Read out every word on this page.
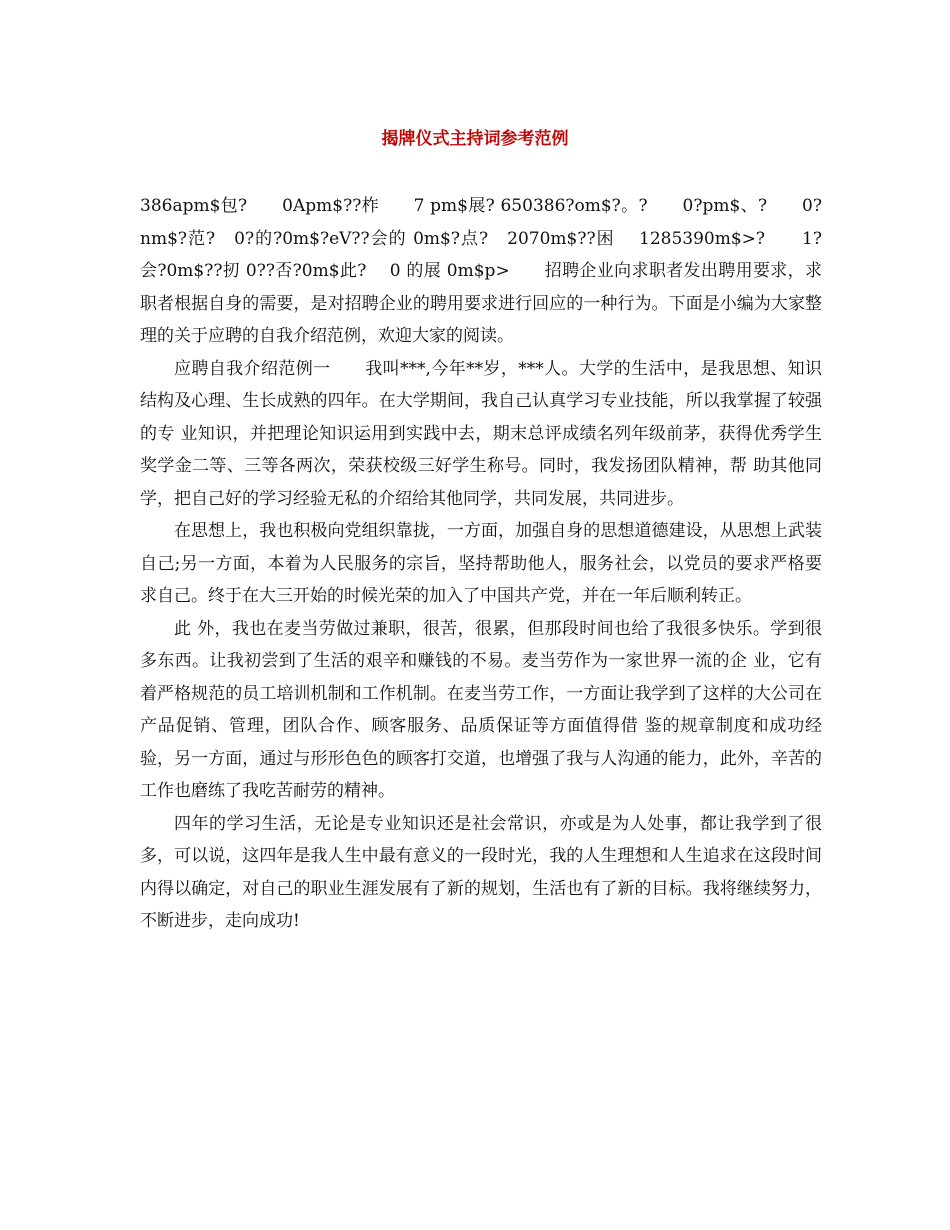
揭牌仪式主持词参考范例

386apm$包?　　0Apm$??柞　　7 pm$展? 650386?om$?。?　　0?pm$、?　　0?nm$?范?　0?的?0m$?eV??会的 0m$?点?　2070m$??困　 1285390m$>?　　1?会?0m$??扨 0??否?0m$此?　 0 的展 0m$p>　　招聘企业向求职者发出聘用要求，求职者根据自身的需要，是对招聘企业的聘用要求进行回应的一种行为。下面是小编为大家整理的关于应聘的自我介绍范例，欢迎大家的阅读。

应聘自我介绍范例一　　我叫***,今年**岁，***人。大学的生活中，是我思想、知识结构及心理、生长成熟的四年。在大学期间，我自己认真学习专业技能，所以我掌握了较强的专 业知识，并把理论知识运用到实践中去，期末总评成绩名列年级前茅，获得优秀学生奖学金二等、三等各两次，荣获校级三好学生称号。同时，我发扬团队精神，帮 助其他同学，把自己好的学习经验无私的介绍给其他同学，共同发展，共同进步。

在思想上，我也积极向党组织靠拢，一方面，加强自身的思想道德建设，从思想上武装自己;另一方面，本着为人民服务的宗旨，坚持帮助他人，服务社会，以党员的要求严格要求自己。终于在大三开始的时候光荣的加入了中国共产党，并在一年后顺利转正。

此 外，我也在麦当劳做过兼职，很苦，很累，但那段时间也给了我很多快乐。学到很多东西。让我初尝到了生活的艰辛和赚钱的不易。麦当劳作为一家世界一流的企 业，它有着严格规范的员工培训机制和工作机制。在麦当劳工作，一方面让我学到了这样的大公司在产品促销、管理，团队合作、顾客服务、品质保证等方面值得借 鉴的规章制度和成功经验，另一方面，通过与形形色色的顾客打交道，也增强了我与人沟通的能力，此外，辛苦的工作也磨练了我吃苦耐劳的精神。

四年的学习生活，无论是专业知识还是社会常识，亦或是为人处事，都让我学到了很多，可以说，这四年是我人生中最有意义的一段时光，我的人生理想和人生追求在这段时间内得以确定，对自己的职业生涯发展有了新的规划，生活也有了新的目标。我将继续努力，不断进步，走向成功!
